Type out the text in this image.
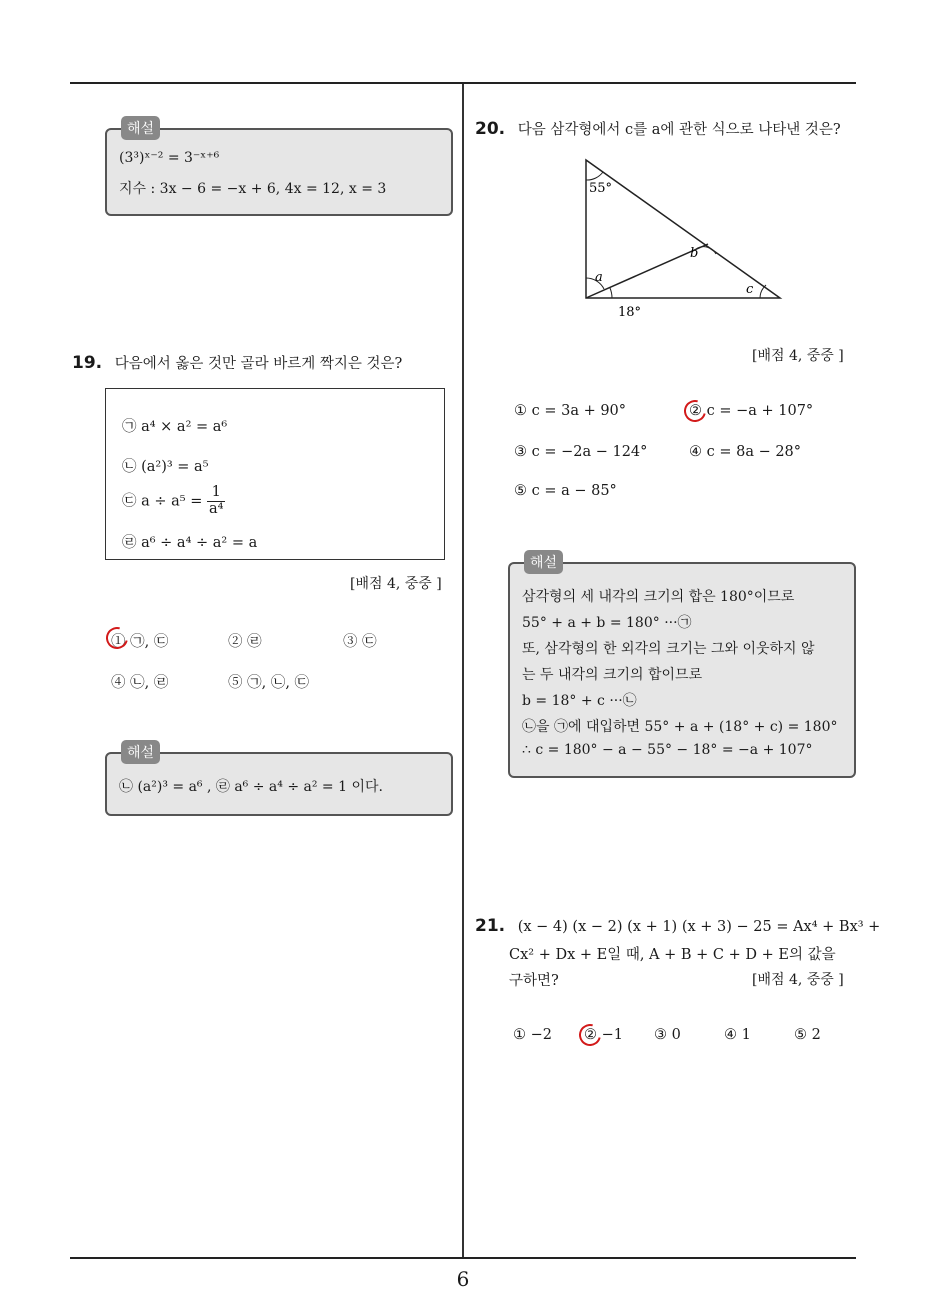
해설
(3³)ˣ⁻² = 3⁻ˣ⁺⁶
지수 : 3x − 6 = −x + 6, 4x = 12, x = 3
19. 다음에서 옳은 것만 골라 바르게 짝지은 것은?
㉠ a⁴ × a² = a⁶
㉡ (a²)³ = a⁵
㉢ $a \div a^5 = \frac{1}{\text{a⁴}}$
㉣ a⁶ ÷ a⁴ ÷ a² = a
[배점 4, 중중 ]
① ㉠, ㉢	② ㉣	③ ㉢
④ ㉡, ㉣	⑤ ㉠, ㉡, ㉢
해설
㉡ (a²)³ = a⁶ , ㉣ a⁶ ÷ a⁴ ÷ a² = 1 이다.
20. 다음 삼각형에서 c를 a에 관한 식으로 나타낸 것은?
55°
b
a
c
18°
[배점 4, 중중 ]
① c = 3a + 90°	② c = −a + 107°
③ c = −2a − 124°	④ c = 8a − 28°
⑤ c = a − 85°
해설
삼각형의 세 내각의 크기의 합은 180°이므로
55° + a + b = 180° ···㉠
또, 삼각형의 한 외각의 크기는 그와 이웃하지 않
는 두 내각의 크기의 합이므로
b = 18° + c ···㉡
㉡을 ㉠에 대입하면 55° + a + (18° + c) = 180°
∴ c = 180° − a − 55° − 18° = −a + 107°
21. (x − 4) (x − 2) (x + 1) (x + 3) − 25 = Ax⁴ + Bx³ +
Cx² + Dx + E일 때, A + B + C + D + E의 값을
구하면?	[배점 4, 중중 ]
① −2 ② −1 ③ 0	④ 1	⑤ 2
6
